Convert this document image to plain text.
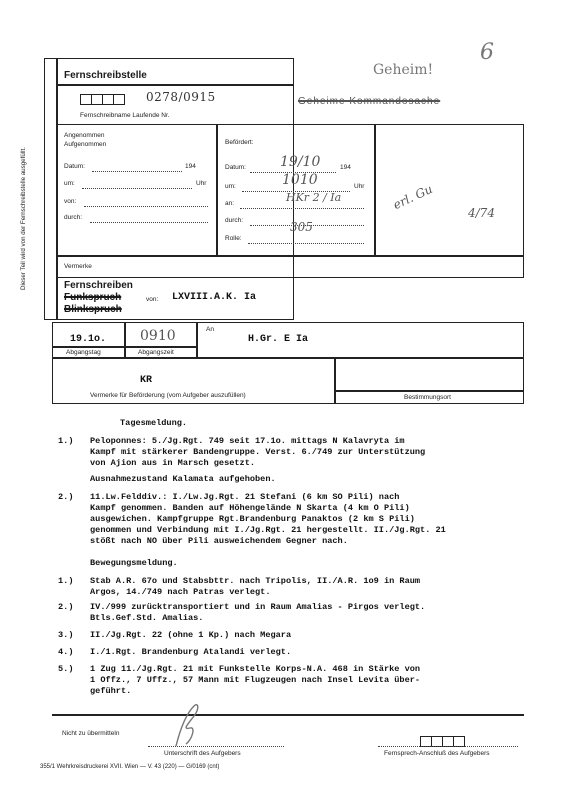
Dieser Teil wird von der Fernschreibstelle ausgefüllt.
Fernschreibstelle
0278/0915
Fernschreibname Laufende Nr.
Geheim!
6
Geheime Kommandosache
Angenommen
Aufgenommen
Datum:	194
um:	Uhr
von:
durch:
Befördert:
Datum: 19/10	194
um:	1010	Uhr
an:	HKr 2 / Ia
durch:
Rolle:
305
erl. Gu
4/74
Vermerke
Fernschreiben
Funkspruch
Blinkspruch
von: LXVIII.A.K. Ia
19.1o. 0910
Abgangstag	Abgangszeit
An
H.Gr. E Ia
KR
Vermerke für Beförderung (vom Aufgeber auszufüllen)	Bestimmungsort
Tagesmeldung.
1.) Peloponnes: 5./Jg.Rgt. 749 seit 17.1o. mittags N Kalavryta im
Kampf mit stärkerer Bandengruppe. Verst. 6./749 zur Unterstützung
von Ajion aus in Marsch gesetzt.
Ausnahmezustand Kalamata aufgehoben.
2.) 11.Lw.Felddiv.: I./Lw.Jg.Rgt. 21 Stefani (6 km SO Pili) nach
Kampf genommen. Banden auf Höhengelände N Skarta (4 km O Pili)
ausgewichen. Kampfgruppe Rgt.Brandenburg Panaktos (2 km S Pili)
genommen und Verbindung mit I./Jg.Rgt. 21 hergestellt. II./Jg.Rgt. 21
stößt nach NO über Pili ausweichendem Gegner nach.
Bewegungsmeldung.
1.) Stab A.R. 67o und Stabsbttr. nach Tripolis, II./A.R. 1o9 in Raum
Argos, 14./749 nach Patras verlegt.
2.) IV./999 zurücktransportiert und in Raum Amalias - Pirgos verlegt.
Btls.Gef.Std. Amalias.
3.) II./Jg.Rgt. 22 (ohne 1 Kp.) nach Megara
4.) I./1.Rgt. Brandenburg Atalandi verlegt.
5.) 1 Zug 11./Jg.Rgt. 21 mit Funkstelle Korps-N.A. 468 in Stärke von
1 Offz., 7 Uffz., 57 Mann mit Flugzeugen nach Insel Levita über-
geführt.
Nicht zu übermitteln
Unterschrift des Aufgebers	Fernsprech-Anschluß des Aufgebers
355/1 Wehrkreisdruckerei XVII. Wien — V. 43 (220) — G/0169 (cnt)
